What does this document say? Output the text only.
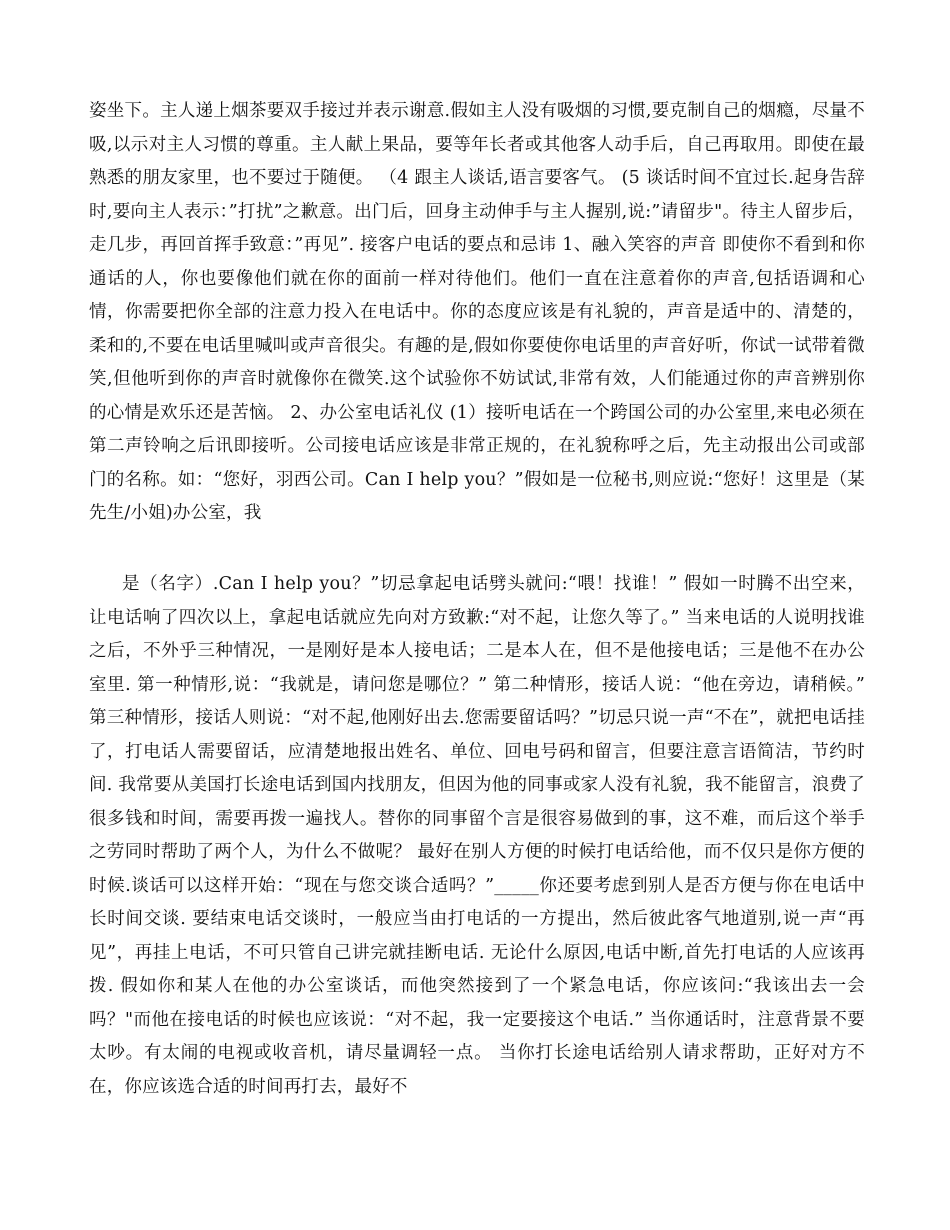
姿坐下。主人递上烟茶要双手接过并表示谢意.假如主人没有吸烟的习惯,要克制自己的烟瘾，尽量不吸,以示对主人习惯的尊重。主人献上果品，要等年长者或其他客人动手后，自己再取用。即使在最熟悉的朋友家里，也不要过于随便。 （4 跟主人谈话,语言要客气。 (5 谈话时间不宜过长.起身告辞时,要向主人表示：”打扰”之歉意。出门后，回身主动伸手与主人握别,说:”请留步"。待主人留步后，走几步，再回首挥手致意：”再见”. 接客户电话的要点和忌讳 1、融入笑容的声音 即使你不看到和你通话的人，你也要像他们就在你的面前一样对待他们。他们一直在注意着你的声音,包括语调和心情，你需要把你全部的注意力投入在电话中。你的态度应该是有礼貌的，声音是适中的、清楚的，柔和的,不要在电话里喊叫或声音很尖。有趣的是,假如你要使你电话里的声音好听，你试一试带着微笑,但他听到你的声音时就像你在微笑.这个试验你不妨试试,非常有效，人们能通过你的声音辨别你的心情是欢乐还是苦恼。 2、办公室电话礼仪 (1）接听电话在一个跨国公司的办公室里,来电必须在第二声铃响之后讯即接听。公司接电话应该是非常正规的，在礼貌称呼之后，先主动报出公司或部门的名称。如：“您好，羽西公司。Can I help you？”假如是一位秘书,则应说:“您好！这里是（某先生/小姐)办公室，我

是（名字）.Can I help you？”切忌拿起电话劈头就问:“喂！找谁！” 假如一时腾不出空来，让电话响了四次以上，拿起电话就应先向对方致歉:“对不起，让您久等了。” 当来电话的人说明找谁之后，不外乎三种情况，一是刚好是本人接电话；二是本人在，但不是他接电话；三是他不在办公室里. 第一种情形,说：“我就是，请问您是哪位？” 第二种情形，接话人说：“他在旁边，请稍候。” 第三种情形，接话人则说：“对不起,他刚好出去.您需要留话吗？”切忌只说一声“不在”，就把电话挂了，打电话人需要留话，应清楚地报出姓名、单位、回电号码和留言，但要注意言语简洁，节约时间. 我常要从美国打长途电话到国内找朋友，但因为他的同事或家人没有礼貌，我不能留言，浪费了很多钱和时间，需要再拨一遍找人。替你的同事留个言是很容易做到的事，这不难，而后这个举手之劳同时帮助了两个人，为什么不做呢？ 最好在别人方便的时候打电话给他，而不仅只是你方便的时候.谈话可以这样开始：“现在与您交谈合适吗？”_____你还要考虑到别人是否方便与你在电话中长时间交谈. 要结束电话交谈时，一般应当由打电话的一方提出，然后彼此客气地道别,说一声“再见”，再挂上电话，不可只管自己讲完就挂断电话. 无论什么原因,电话中断,首先打电话的人应该再拨. 假如你和某人在他的办公室谈话，而他突然接到了一个紧急电话，你应该问:“我该出去一会吗？"而他在接电话的时候也应该说：“对不起，我一定要接这个电话.” 当你通话时，注意背景不要太吵。有太闹的电视或收音机，请尽量调轻一点。 当你打长途电话给别人请求帮助，正好对方不在，你应该选合适的时间再打去，最好不
